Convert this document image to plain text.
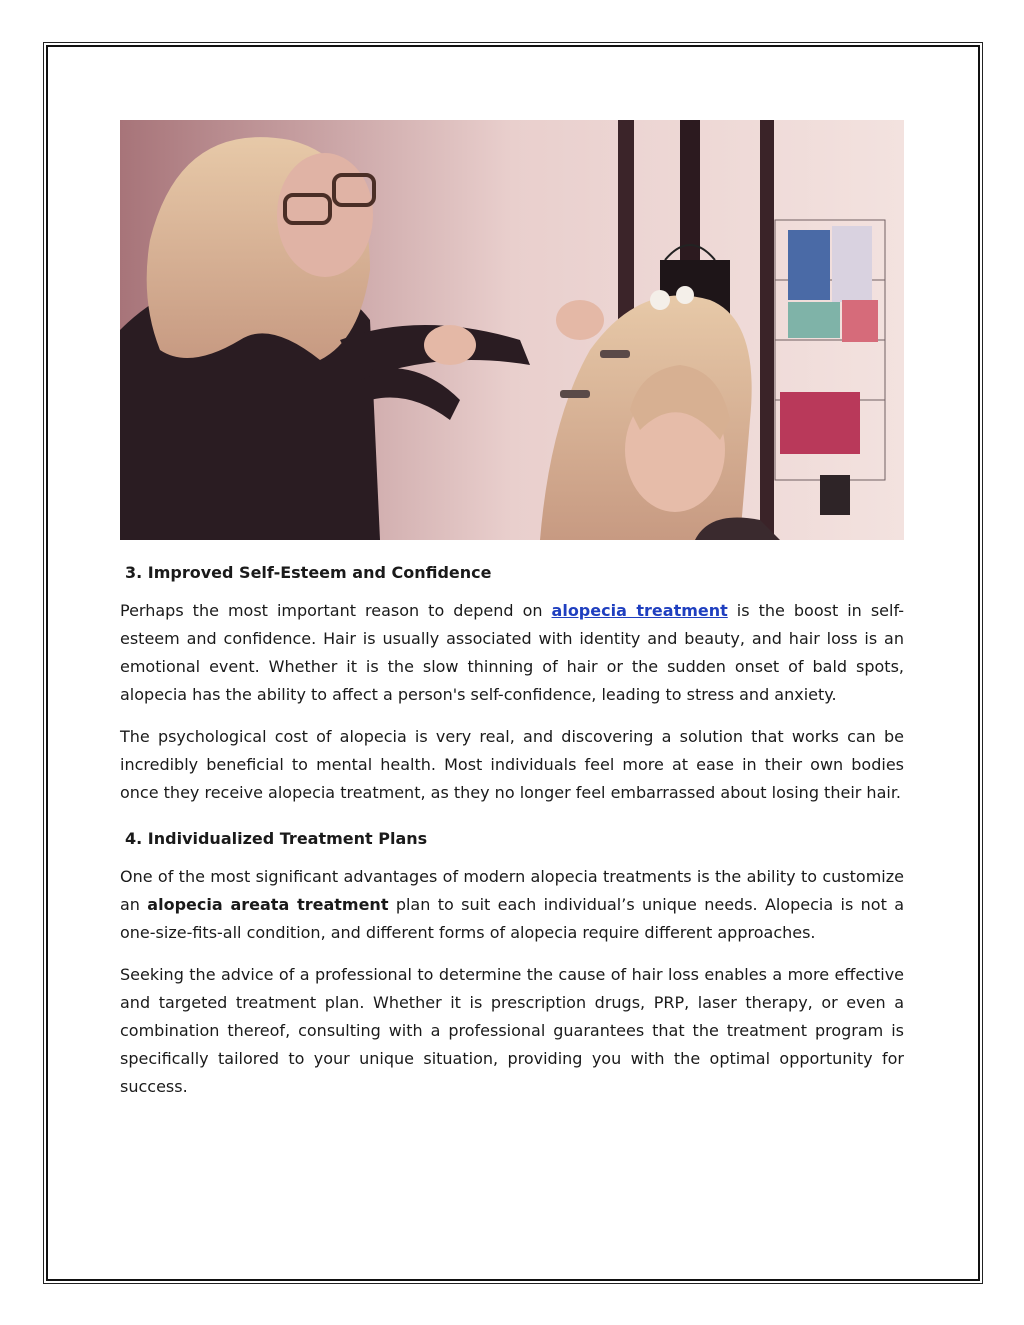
3. Improved Self-Esteem and Confidence

Perhaps the most important reason to depend on alopecia treatment is the boost in self-esteem and confidence. Hair is usually associated with identity and beauty, and hair loss is an emotional event. Whether it is the slow thinning of hair or the sudden onset of bald spots, alopecia has the ability to affect a person's self-confidence, leading to stress and anxiety.

The psychological cost of alopecia is very real, and discovering a solution that works can be incredibly beneficial to mental health. Most individuals feel more at ease in their own bodies once they receive alopecia treatment, as they no longer feel embarrassed about losing their hair.

4. Individualized Treatment Plans

One of the most significant advantages of modern alopecia treatments is the ability to customize an alopecia areata treatment plan to suit each individual’s unique needs. Alopecia is not a one-size-fits-all condition, and different forms of alopecia require different approaches.

Seeking the advice of a professional to determine the cause of hair loss enables a more effective and targeted treatment plan. Whether it is prescription drugs, PRP, laser therapy, or even a combination thereof, consulting with a professional guarantees that the treatment program is specifically tailored to your unique situation, providing you with the optimal opportunity for success.
